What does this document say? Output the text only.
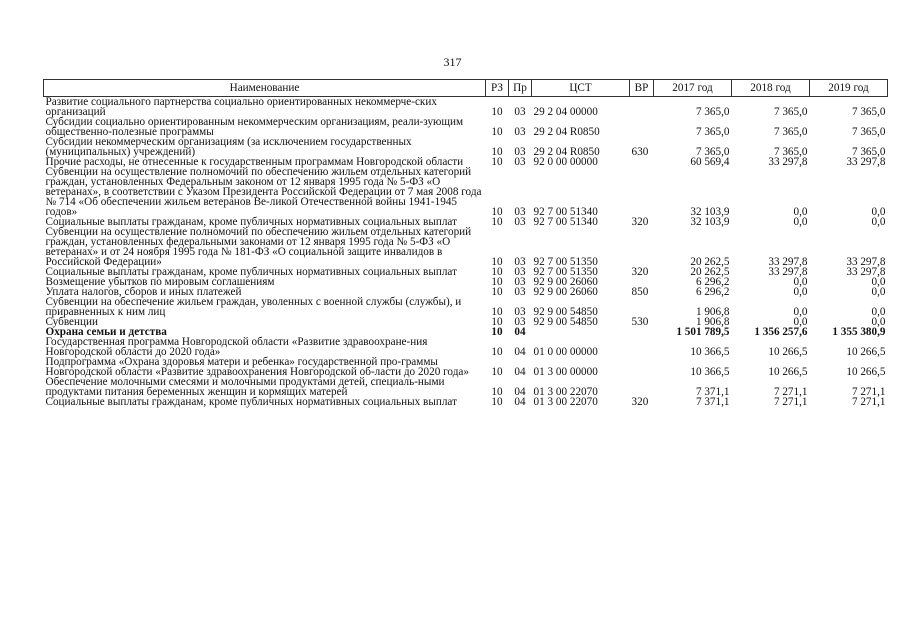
317
Наименование	РЗ	Пр	ЦСТ	ВР	2017 год	2018 год	2019 год
Развитие социального партнерства социально ориентированных некоммерче-ских организаций	10	03	29 2 04 00000		7 365,0	7 365,0	7 365,0
Субсидии социально ориентированным некоммерческим организациям, реали-зующим общественно-полезные программы	10	03	29 2 04 R0850		7 365,0	7 365,0	7 365,0
Субсидии некоммерческим организациям (за исключением государственных (муниципальных) учреждений)	10	03	29 2 04 R0850	630	7 365,0	7 365,0	7 365,0
Прочие расходы, не отнесенные к государственным программам Новгородской области	10	03	92 0 00 00000		60 569,4	33 297,8	33 297,8
Субвенции на осуществление полномочий по обеспечению жильем отдельных категорий граждан, установленных Федеральным законом от 12 января 1995 года № 5-ФЗ «О ветеранах», в соответствии с Указом Президента Российской Федерации от 7 мая 2008 года № 714 «Об обеспечении жильем ветеранов Ве-ликой Отечественной войны 1941-1945 годов»	10	03	92 7 00 51340		32 103,9	0,0	0,0
Социальные выплаты гражданам, кроме публичных нормативных социальных выплат	10	03	92 7 00 51340	320	32 103,9	0,0	0,0
Субвенции на осуществление полномочий по обеспечению жильем отдельных категорий граждан, установленных федеральными законами от 12 января 1995 года № 5-ФЗ «О ветеранах» и от 24 ноября 1995 года № 181-ФЗ «О социальной защите инвалидов в Российской Федерации»	10	03	92 7 00 51350		20 262,5	33 297,8	33 297,8
Социальные выплаты гражданам, кроме публичных нормативных социальных выплат	10	03	92 7 00 51350	320	20 262,5	33 297,8	33 297,8
Возмещение убытков по мировым соглашениям	10	03	92 9 00 26060		6 296,2	0,0	0,0
Уплата налогов, сборов и иных платежей	10	03	92 9 00 26060	850	6 296,2	0,0	0,0
Субвенции на обеспечение жильем граждан, уволенных с военной службы (службы), и приравненных к ним лиц	10	03	92 9 00 54850		1 906,8	0,0	0,0
Субвенции	10	03	92 9 00 54850	530	1 906,8	0,0	0,0
Охрана семьи и детства	10	04			1 501 789,5	1 356 257,6	1 355 380,9
Государственная программа Новгородской области «Развитие здравоохране-ния Новгородской области до 2020 года»	10	04	01 0 00 00000		10 366,5	10 266,5	10 266,5
Подпрограмма «Охрана здоровья матери и ребенка» государственной про-граммы Новгородской области «Развитие здравоохранения Новгородской об-ласти до 2020 года»	10	04	01 3 00 00000		10 366,5	10 266,5	10 266,5
Обеспечение молочными смесями и молочными продуктами детей, специаль-ными продуктами питания беременных женщин и кормящих матерей	10	04	01 3 00 22070		7 371,1	7 271,1	7 271,1
Социальные выплаты гражданам, кроме публичных нормативных социальных выплат	10	04	01 3 00 22070	320	7 371,1	7 271,1	7 271,1
